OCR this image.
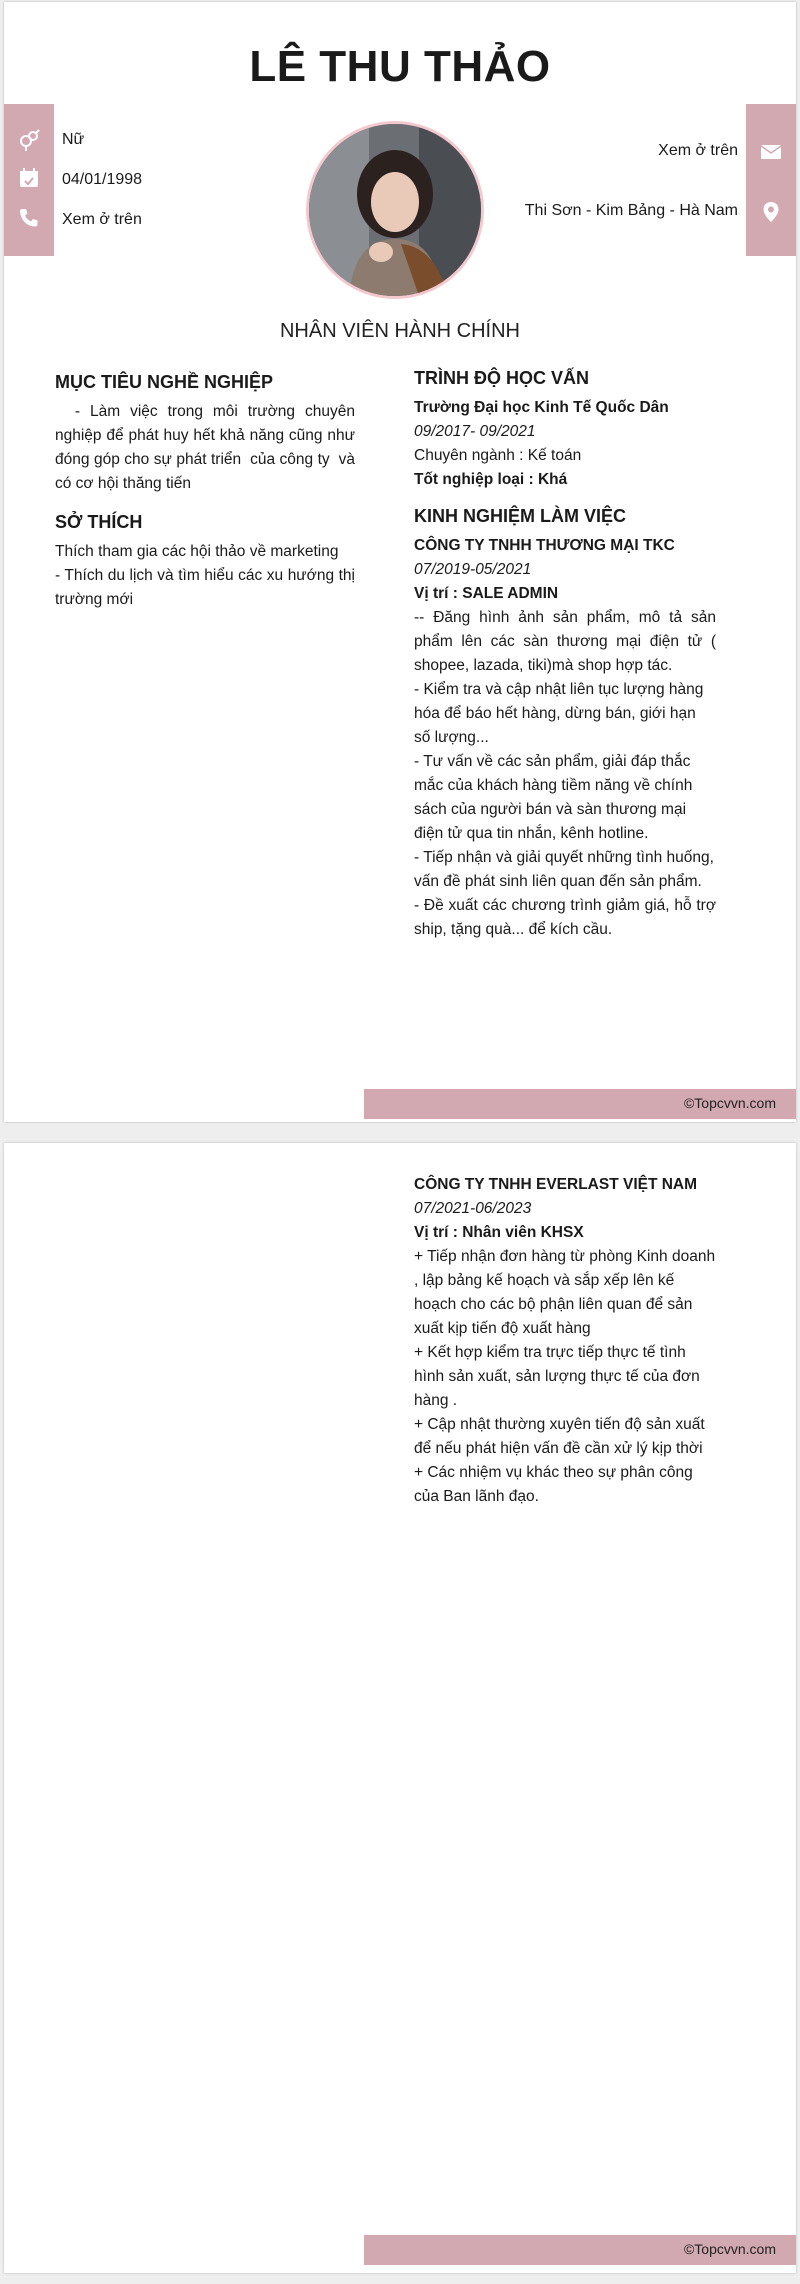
LÊ THU THẢO
Nữ
04/01/1998
Xem ở trên
Xem ở trên
Thi Sơn - Kim Bảng - Hà Nam
NHÂN VIÊN HÀNH CHÍNH
MỤC TIÊU NGHỀ NGHIỆP
- Làm việc trong môi trường chuyên nghiệp để phát huy hết khả năng cũng như đóng góp cho sự phát triển  của công ty  và có cơ hội thăng tiến
SỞ THÍCH
Thích tham gia các hội thảo về marketing
- Thích du lịch và tìm hiểu các xu hướng thị trường mới
TRÌNH ĐỘ HỌC VẤN
Trường Đại học Kinh Tế Quốc Dân
09/2017- 09/2021
Chuyên ngành : Kế toán
Tốt nghiệp loại : Khá
KINH NGHIỆM LÀM VIỆC
CÔNG TY TNHH THƯƠNG MẠI TKC
07/2019-05/2021
Vị trí : SALE ADMIN

-- Đăng hình ảnh sản phẩm, mô tả sản phẩm lên các sàn thương mại điện tử ( shopee, lazada, tiki)mà shop hợp tác.

- Kiểm tra và cập nhật liên tục lượng hàng hóa để báo hết hàng, dừng bán, giới hạn số lượng...

- Tư vấn về các sản phẩm, giải đáp thắc mắc của khách hàng tiềm năng về chính sách của người bán và sàn thương mại điện tử qua tin nhắn, kênh hotline.

- Tiếp nhận và giải quyết những tình huống, vấn đề phát sinh liên quan đến sản phẩm.

- Đề xuất các chương trình giảm giá, hỗ trợ ship, tặng quà... để kích cầu.

©Topcvvn.com
CÔNG TY TNHH EVERLAST VIỆT NAM
07/2021-06/2023
Vị trí : Nhân viên KHSX

+ Tiếp nhận đơn hàng từ phòng Kinh doanh , lập bảng kế hoạch và sắp xếp lên kế hoạch cho các bộ phận liên quan để sản xuất kịp tiến độ xuất hàng

+ Kết hợp kiểm tra trực tiếp thực tế tình hình sản xuất, sản lượng thực tế của đơn hàng .

+ Cập nhật thường xuyên tiến độ sản xuất để nếu phát hiện vấn đề cần xử lý kịp thời

+ Các nhiệm vụ khác theo sự phân công của Ban lãnh đạo.

©Topcvvn.com
